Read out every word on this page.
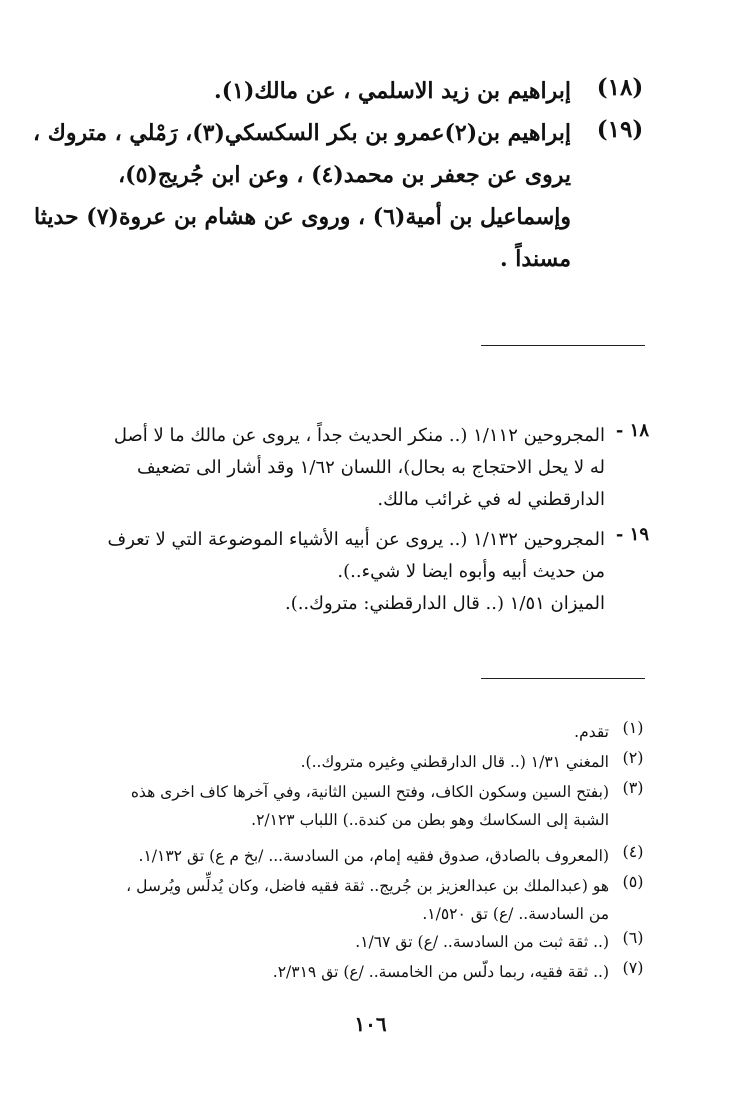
(١٨)
إبراهيم بن زيد الاسلمي ، عن مالك(١).
(١٩)
إبراهيم بن(٢)عمرو بن بكر السكسكي(٣)، رَمْلي ، متروك ،
يروى عن جعفر بن محمد(٤) ، وعن ابن جُريج(٥)،
وإسماعيل بن أمية(٦) ، وروى عن هشام بن عروة(٧) حديثا
مسنداً .
١٨ -
المجروحين ١/١١٢ (.. منكر الحديث جداً ، يروى عن مالك ما لا أصل
له لا يحل الاحتجاج به بحال)، اللسان ١/٦٢ وقد أشار الى تضعيف
الدارقطني له في غرائب مالك.
١٩ -
المجروحين ١/١٣٢ (.. يروى عن أبيه الأشياء الموضوعة التي لا تعرف
من حديث أبيه وأبوه ايضا لا شيء..).
الميزان ١/٥١ (.. قال الدارقطني: متروك..).
(١)
تقدم.
(٢)
المغني ١/٣١ (.. قال الدارقطني وغيره متروك..).
(٣)
(بفتح السين وسكون الكاف، وفتح السين الثانية، وفي آخرها كاف اخرى هذه
الشبة إلى السكاسك وهو بطن من كندة..) اللباب ٢/١٢٣.
(٤)
(المعروف بالصادق، صدوق فقيه إمام، من السادسة... /بخ م ع) تق ١/١٣٢.
(٥)
هو (عبدالملك بن عبدالعزيز بن جُريج.. ثقة فقيه فاضل، وكان يُدلِّس ويُرسل ،
من السادسة.. /ع) تق ١/٥٢٠.
(٦)
(.. ثقة ثبت من السادسة.. /ع) تق ١/٦٧.
(٧)
(.. ثقة فقيه، ربما دلّس من الخامسة.. /ع) تق ٢/٣١٩.
١٠٦
